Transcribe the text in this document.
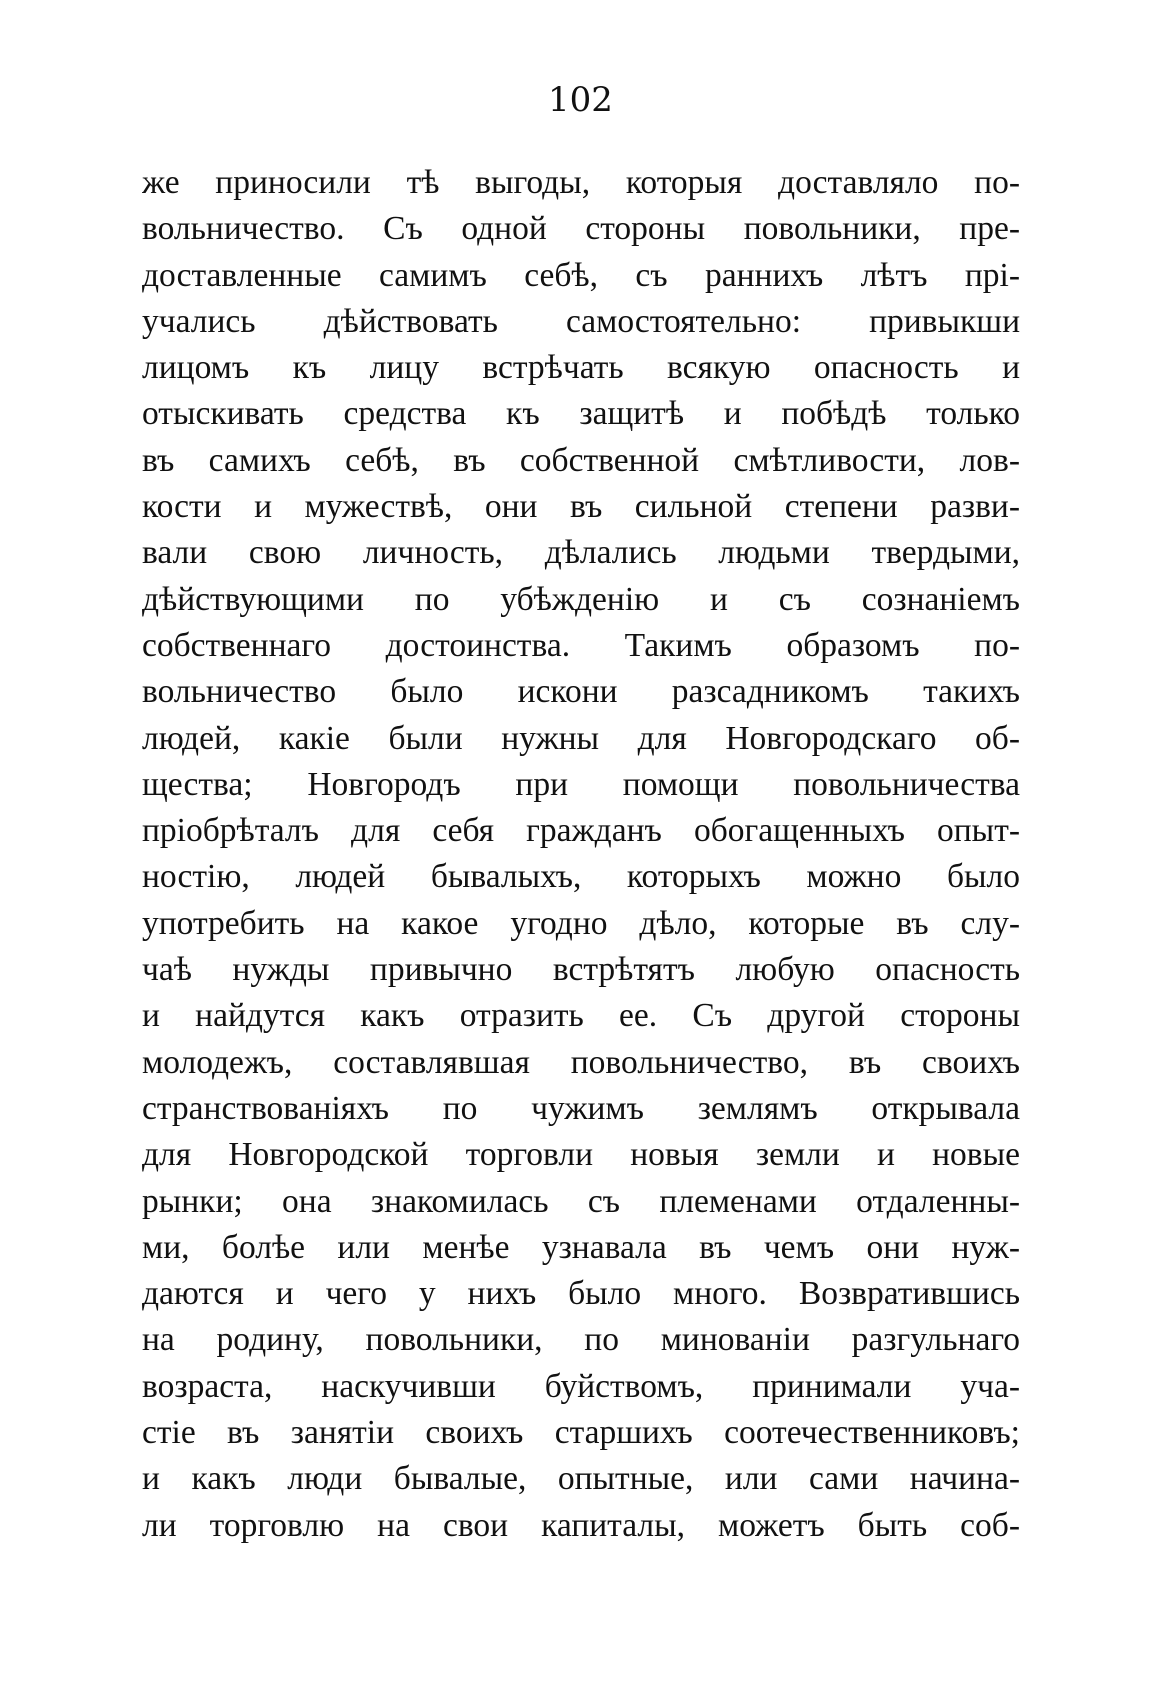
102
же приносили тѣ выгоды, которыя доставляло по-
вольничество. Съ одной стороны повольники, пре-
доставленные самимъ себѣ, съ раннихъ лѣтъ прі-
учались дѣйствовать самостоятельно: привыкши
лицомъ къ лицу встрѣчать всякую опасность и
отыскивать средства къ защитѣ и побѣдѣ только
въ самихъ себѣ, въ собственной смѣтливости, лов-
кости и мужествѣ, они въ сильной степени разви-
вали свою личность, дѣлались людьми твердыми,
дѣйствующими по убѣжденію и съ сознаніемъ
собственнаго достоинства. Такимъ образомъ по-
вольничество было искони разсадникомъ такихъ
людей, какіе были нужны для Новгородскаго об-
щества; Новгородъ при помощи повольничества
пріобрѣталъ для себя гражданъ обогащенныхъ опыт-
ностію, людей бывалыхъ, которыхъ можно было
употребить на какое угодно дѣло, которые въ слу-
чаѣ нужды привычно встрѣтятъ любую опасность
и найдутся какъ отразить ее. Съ другой стороны
молодежъ, составлявшая повольничество, въ своихъ
странствованіяхъ по чужимъ землямъ открывала
для Новгородской торговли новыя земли и новые
рынки; она знакомилась съ племенами отдаленны-
ми, болѣе или менѣе узнавала въ чемъ они нуж-
даются и чего у нихъ было много. Возвратившись
на родину, повольники, по минованіи разгульнаго
возраста, наскучивши буйствомъ, принимали уча-
стіе въ занятіи своихъ старшихъ соотечественниковъ;
и какъ люди бывалые, опытные, или сами начина-
ли торговлю на свои капиталы, можетъ быть соб-
